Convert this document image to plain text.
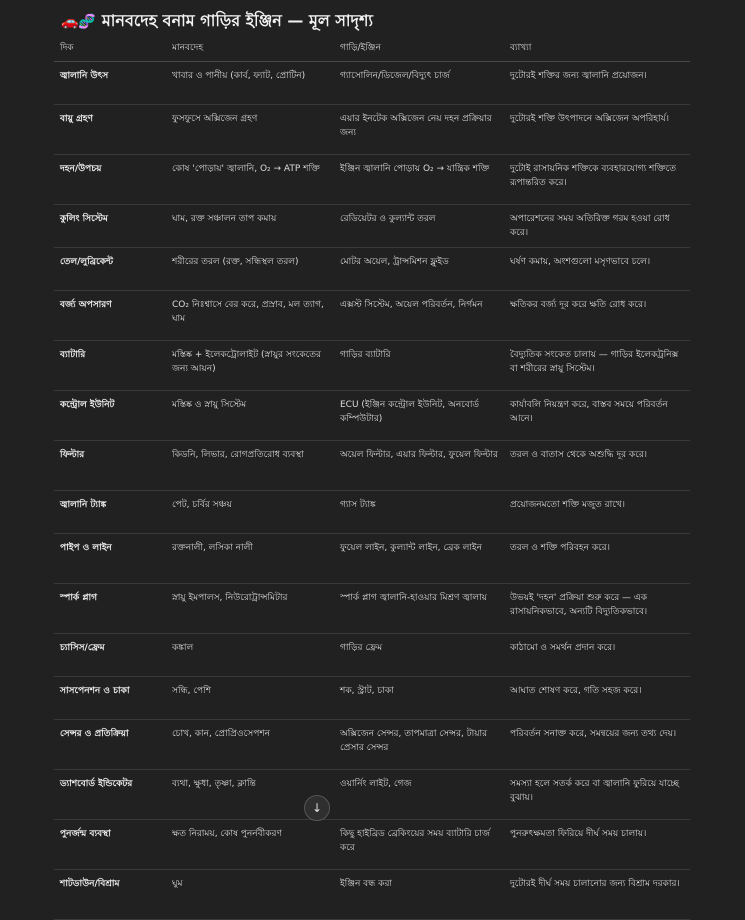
🚗🧬 মানবদেহ বনাম গাড়ির ইঞ্জিন — মূল সাদৃশ্য
দিক	মানবদেহ	গাড়ি/ইঞ্জিন	ব্যাখ্যা
জ্বালানি উৎস	খাবার ও পানীয় (কার্ব, ফ্যাট, প্রোটিন)	গ্যাসোলিন/ডিজেল/বিদ্যুৎ চার্জ	দুটোরই শক্তির জন্য জ্বালানি প্রয়োজন।
বায়ু গ্রহণ	ফুসফুসে অক্সিজেন গ্রহণ	এয়ার ইনটেক অক্সিজেন নেয় দহন প্রক্রিয়ার জন্য	দুটোরই শক্তি উৎপাদনে অক্সিজেন অপরিহার্য।
দহন/উপচয়	কোষ 'পোড়ায়' জ্বালানি, O₂ → ATP শক্তি	ইঞ্জিন জ্বালানি পোড়ায় O₂ → যান্ত্রিক শক্তি	দুটোই রাসায়নিক শক্তিকে ব্যবহারযোগ্য শক্তিতে রূপান্তরিত করে।
কুলিং সিস্টেম	ঘাম, রক্ত সঞ্চালন তাপ কমায়	রেডিয়েটর ও কুল্যান্ট তরল	অপারেশনের সময় অতিরিক্ত গরম হওয়া রোধ করে।
তেল/লুব্রিকেন্ট	শরীরের তরল (রক্ত, সন্ধিস্থল তরল)	মোটর অয়েল, ট্রান্সমিশন ফ্লুইড	ঘর্ষণ কমায়, অংশগুলো মসৃণভাবে চলে।
বর্জ্য অপসারণ	CO₂ নিঃশ্বাসে বের করে, প্রস্রাব, মল ত্যাগ, ঘাম	এক্সস্ট সিস্টেম, অয়েল পরিবর্তন, নির্গমন	ক্ষতিকর বর্জ্য দূর করে ক্ষতি রোধ করে।
ব্যাটারি	মস্তিষ্ক + ইলেকট্রোলাইট (স্নায়ুর সংকেতের জন্য আয়ন)	গাড়ির ব্যাটারি	বৈদ্যুতিক সংকেত চালায় — গাড়ির ইলেকট্রনিক্স বা শরীরের স্নায়ু সিস্টেম।
কন্ট্রোল ইউনিট	মস্তিষ্ক ও স্নায়ু সিস্টেম	ECU (ইঞ্জিন কন্ট্রোল ইউনিট, অনবোর্ড কম্পিউটার)	কার্যাবলি নিয়ন্ত্রণ করে, বাস্তব সময়ে পরিবর্তন আনে।
ফিল্টার	কিডনি, লিভার, রোগপ্রতিরোধ ব্যবস্থা	অয়েল ফিল্টার, এয়ার ফিল্টার, ফুয়েল ফিল্টার	তরল ও বাতাস থেকে অশুদ্ধি দূর করে।
জ্বালানি ট্যাঙ্ক	পেট, চর্বির সঞ্চয়	গ্যাস ট্যাঙ্ক	প্রয়োজনমতো শক্তি মজুত রাখে।
পাইপ ও লাইন	রক্তনালী, লসিকা নালী	ফুয়েল লাইন, কুল্যান্ট লাইন, ব্রেক লাইন	তরল ও শক্তি পরিবহন করে।
স্পার্ক প্লাগ	স্নায়ু ইমপালস, নিউরোট্রান্সমিটার	স্পার্ক প্লাগ জ্বালানি-হাওয়ার মিশ্রণ জ্বালায়	উভয়ই 'দহন' প্রক্রিয়া শুরু করে — এক রাসায়নিকভাবে, অন্যটি বিদ্যুতিকভাবে।
চ্যাসিস/ফ্রেম	কঙ্কাল	গাড়ির ফ্রেম	কাঠামো ও সমর্থন প্রদান করে।
সাসপেনশন ও চাকা	সন্ধি, পেশি	শক, স্ট্রাট, চাকা	আঘাত শোষণ করে, গতি সহজ করে।
সেন্সর ও প্রতিক্রিয়া	চোখ, কান, প্রোপ্রিওসেপশন	অক্সিজেন সেন্সর, তাপমাত্রা সেন্সর, টায়ার প্রেসার সেন্সর	পরিবর্তন সনাক্ত করে, সমন্বয়ের জন্য তথ্য দেয়।
ড্যাশবোর্ড ইন্ডিকেটর	ব্যথা, ক্ষুধা, তৃষ্ণা, ক্লান্তি	ওয়ার্নিং লাইট, গেজ	সমস্যা হলে সতর্ক করে বা জ্বালানি ফুরিয়ে যাচ্ছে বুঝায়।
পুনর্জন্ম ব্যবস্থা	ক্ষত নিরাময়, কোষ পুনর্নবীকরণ	কিছু হাইব্রিড ব্রেকিংয়ের সময় ব্যাটারি চার্জ করে	পুনরুৎক্ষমতা ফিরিয়ে দীর্ঘ সময় চালায়।
শাটডাউন/বিশ্রাম	ঘুম	ইঞ্জিন বন্ধ করা	দুটোরই দীর্ঘ সময় চালানোর জন্য বিশ্রাম দরকার।
↓
